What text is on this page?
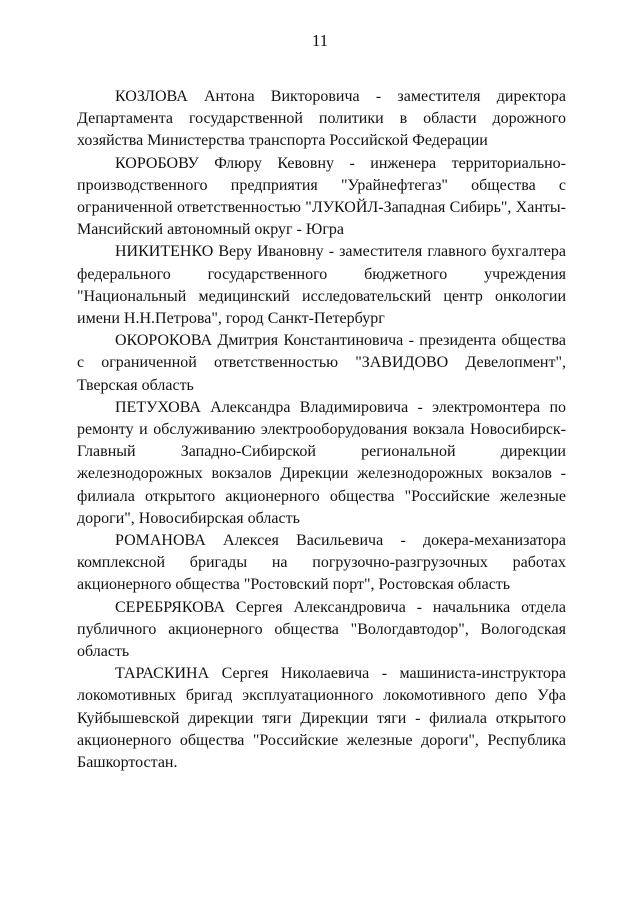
11

КОЗЛОВА Антона Викторовича - заместителя директора Департамента государственной политики в области дорожного хозяйства Министерства транспорта Российской Федерации

КОРОБОВУ Флюру Кевовну - инженера территориально-производственного предприятия "Урайнефтегаз" общества с ограниченной ответственностью "ЛУКОЙЛ-Западная Сибирь", Ханты-Мансийский автономный округ - Югра

НИКИТЕНКО Веру Ивановну - заместителя главного бухгалтера федерального государственного бюджетного учреждения "Национальный медицинский исследовательский центр онкологии имени Н.Н.Петрова", город Санкт-Петербург

ОКОРОКОВА Дмитрия Константиновича - президента общества с ограниченной ответственностью "ЗАВИДОВО Девелопмент", Тверская область

ПЕТУХОВА Александра Владимировича - электромонтера по ремонту и обслуживанию электрооборудования вокзала Новосибирск-Главный Западно-Сибирской региональной дирекции железнодорожных вокзалов Дирекции железнодорожных вокзалов - филиала открытого акционерного общества "Российские железные дороги", Новосибирская область

РОМАНОВА Алексея Васильевича - докера-механизатора комплексной бригады на погрузочно-разгрузочных работах акционерного общества "Ростовский порт", Ростовская область

СЕРЕБРЯКОВА Сергея Александровича - начальника отдела публичного акционерного общества "Вологдавтодор", Вологодская область

ТАРАСКИНА Сергея Николаевича - машиниста-инструктора локомотивных бригад эксплуатационного локомотивного депо Уфа Куйбышевской дирекции тяги Дирекции тяги - филиала открытого акционерного общества "Российские железные дороги", Республика Башкортостан.
